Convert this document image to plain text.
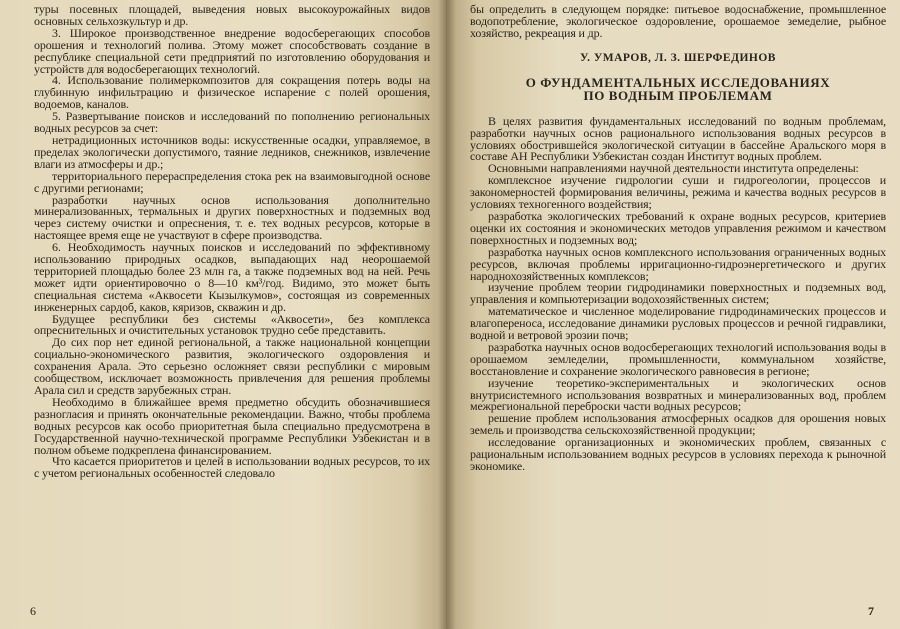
туры посевных площадей, выведения новых высокоурожайных видов основных сельхозкультур и др.

3. Широкое производственное внедрение водосберегающих способов орошения и технологий полива. Этому может способствовать создание в республике специальной сети предприятий по изготовлению оборудования и устройств для водосберегающих технологий.

4. Использование полимеркомпозитов для сокращения потерь воды на глубинную инфильтрацию и физическое испарение с полей орошения, водоемов, каналов.

5. Развертывание поисков и исследований по пополнению региональных водных ресурсов за счет:

нетрадиционных источников воды: искусственные осадки, управляемое, в пределах экологически допустимого, таяние ледников, снежников, извлечение влаги из атмосферы и др.;

территориального перераспределения стока рек на взаимовыгодной основе с другими регионами;

разработки научных основ использования дополнительно минерализованных, термальных и других поверхностных и подземных вод через систему очистки и опреснения, т. е. тех водных ресурсов, которые в настоящее время еще не участвуют в сфере производства.

6. Необходимость научных поисков и исследований по эффективному использованию природных осадков, выпадающих над неорошаемой территорией площадью более 23 млн га, а также подземных вод на ней. Речь может идти ориентировочно о 8—10 км³/год. Видимо, это может быть специальная система «Аквосети Кызылкумов», состоящая из современных инженерных сардоб, каков, кяризов, скважин и др.

Будущее республики без системы «Аквосети», без комплекса опреснительных и очистительных установок трудно себе представить.

До сих пор нет единой региональной, а также национальной концепции социально-экономического развития, экологического оздоровления и сохранения Арала. Это серьезно осложняет связи республики с мировым сообществом, исключает возможность привлечения для решения проблемы Арала сил и средств зарубежных стран.

Необходимо в ближайшее время предметно обсудить обозначившиеся разногласия и принять окончательные рекомендации. Важно, чтобы проблема водных ресурсов как особо приоритетная была специально предусмотрена в Государственной научно-технической программе Республики Узбекистан и в полном объеме подкреплена финансированием.

Что касается приоритетов и целей в использовании водных ресурсов, то их с учетом региональных особенностей следовало

6

бы определить в следующем порядке: питьевое водоснабжение, промышленное водопотребление, экологическое оздоровление, орошаемое земеделие, рыбное хозяйство, рекреация и др.

У. УМАРОВ, Л. З. ШЕРФЕДИНОВ
О ФУНДАМЕНТАЛЬНЫХ ИССЛЕДОВАНИЯХ
ПО ВОДНЫМ ПРОБЛЕМАМ

В целях развития фундаментальных исследований по водным проблемам, разработки научных основ рационального использования водных ресурсов в условиях обострившейся экологической ситуации в бассейне Аральского моря в составе АН Республики Узбекистан создан Институт водных проблем.

Основными направлениями научной деятельности института определены:

комплексное изучение гидрологии суши и гидрогеологии, процессов и закономерностей формирования величины, режима и качества водных ресурсов в условиях техногенного воздействия;

разработка экологических требований к охране водных ресурсов, критериев оценки их состояния и экономических методов управления режимом и качеством поверхностных и подземных вод;

разработка научных основ комплексного использования ограниченных водных ресурсов, включая проблемы ирригационно-гидроэнергетического и других народнохозяйственных комплексов;

изучение проблем теории гидродинамики поверхностных и подземных вод, управления и компьютеризации водохозяйственных систем;

математическое и численное моделирование гидродинамических процессов и влагопереноса, исследование динамики русловых процессов и речной гидравлики, водной и ветровой эрозии почв;

разработка научных основ водосберегающих технологий использования воды в орошаемом земледелии, промышленности, коммунальном хозяйстве, восстановление и сохранение экологического равновесия в регионе;

изучение теоретико-экспериментальных и экологических основ внутрисистемного использования возвратных и минерализованных вод, проблем межрегиональной переброски части водных ресурсов;

решение проблем использования атмосферных осадков для орошения новых земель и производства сельскохозяйственной продукции;

исследование организационных и экономических проблем, связанных с рациональным использованием водных ресурсов в условиях перехода к рыночной экономике.

7
